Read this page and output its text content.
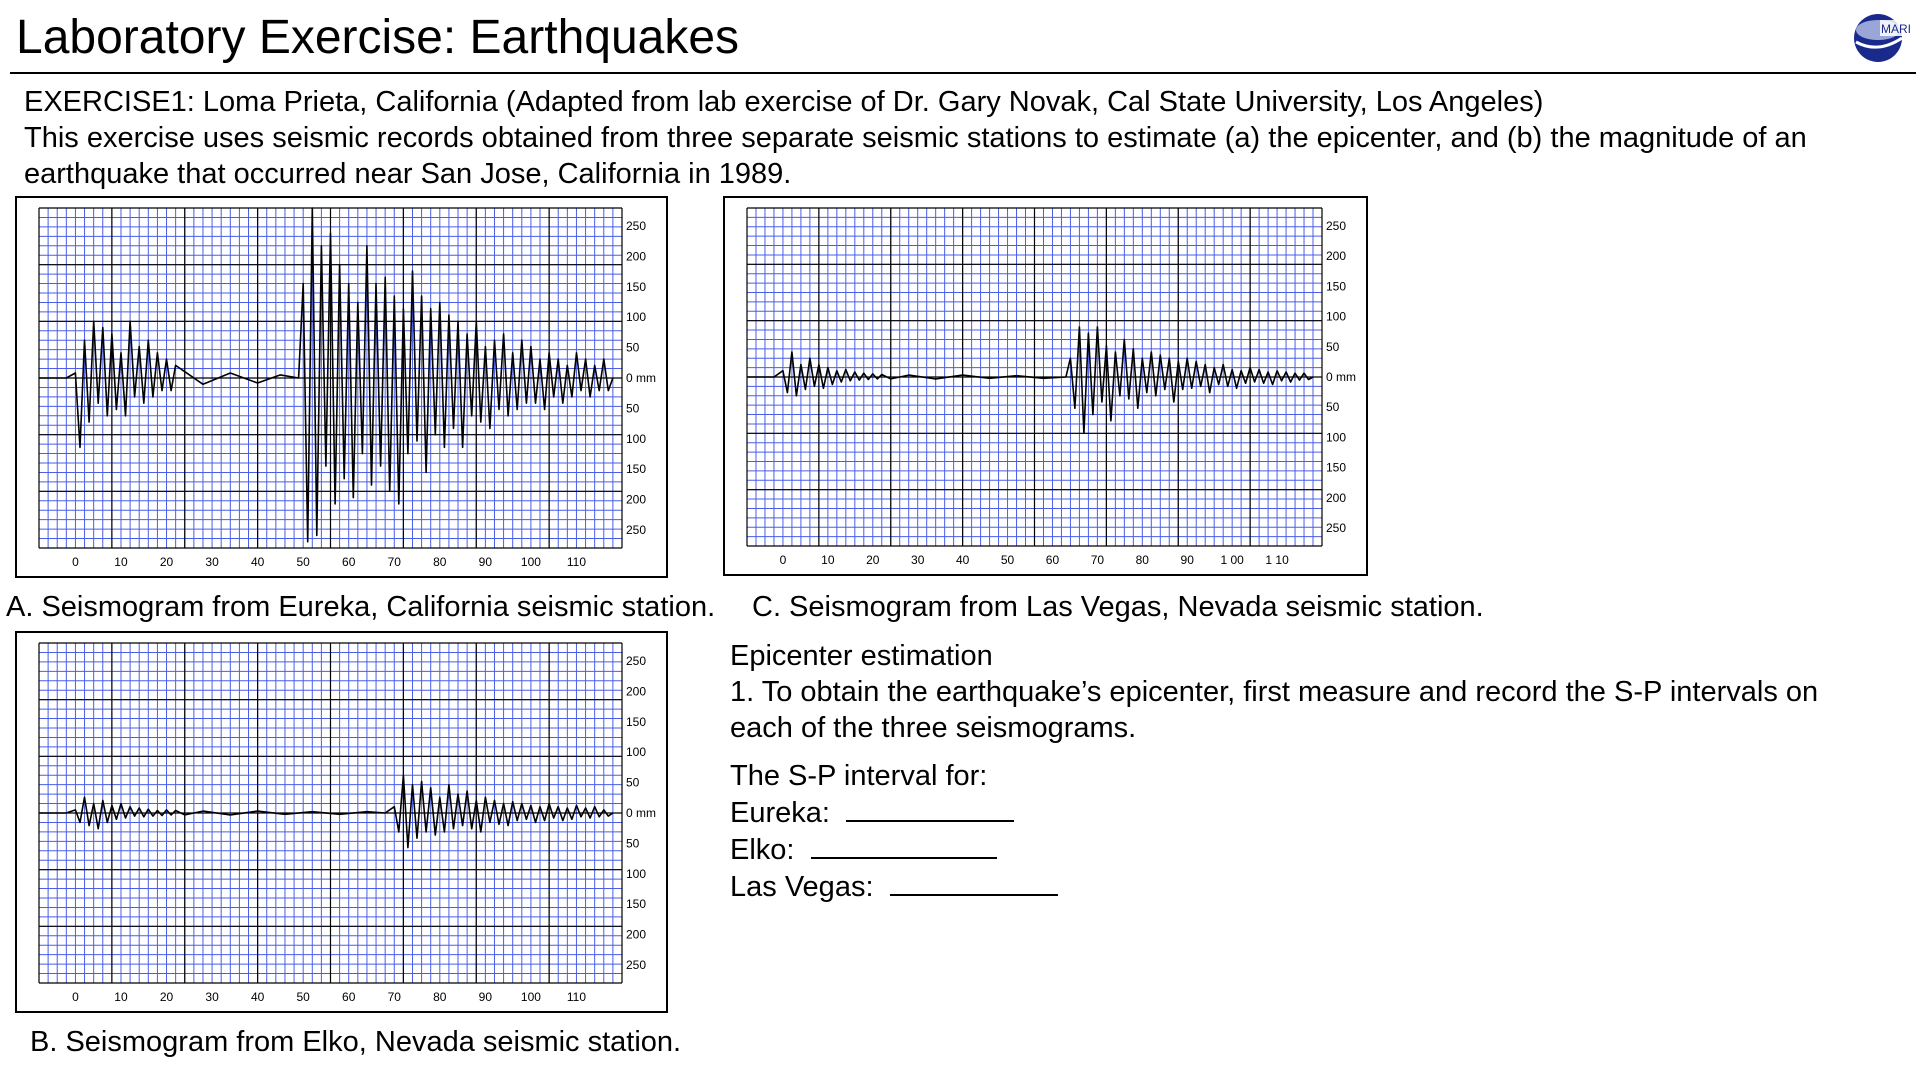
Laboratory Exercise: Earthquakes	MARI
EXERCISE1: Loma Prieta, California (Adapted from lab exercise of Dr. Gary Novak, Cal State University, Los Angeles)
This exercise uses seismic records obtained from three separate seismic stations to estimate (a) the epicenter, and (b) the magnitude of an
earthquake that occurred near San Jose, California in 1989.
250
200
150
100
50
0 mm
50
100
150
200
250
0	10	20	30	40	50	60	70	80	90 100 110
250
200
150
100
50
0 mm
50
100
150
200
250
0	10	20	30	40	50	60	70	80	90 1 00 1 10
250
200
150
100
50
0 mm
50
100
150
200
250
0	10	20	30	40	50	60	70	80	90 100 110
A. Seismogram from Eureka, California seismic station. C. Seismogram from Las Vegas, Nevada seismic station.
B. Seismogram from Elko, Nevada seismic station.
Epicenter estimation
1. To obtain the earthquake’s epicenter, first measure and record the S-P intervals on
each of the three seismograms.
The S-P interval for:
Eureka:
Elko:
Las Vegas:
